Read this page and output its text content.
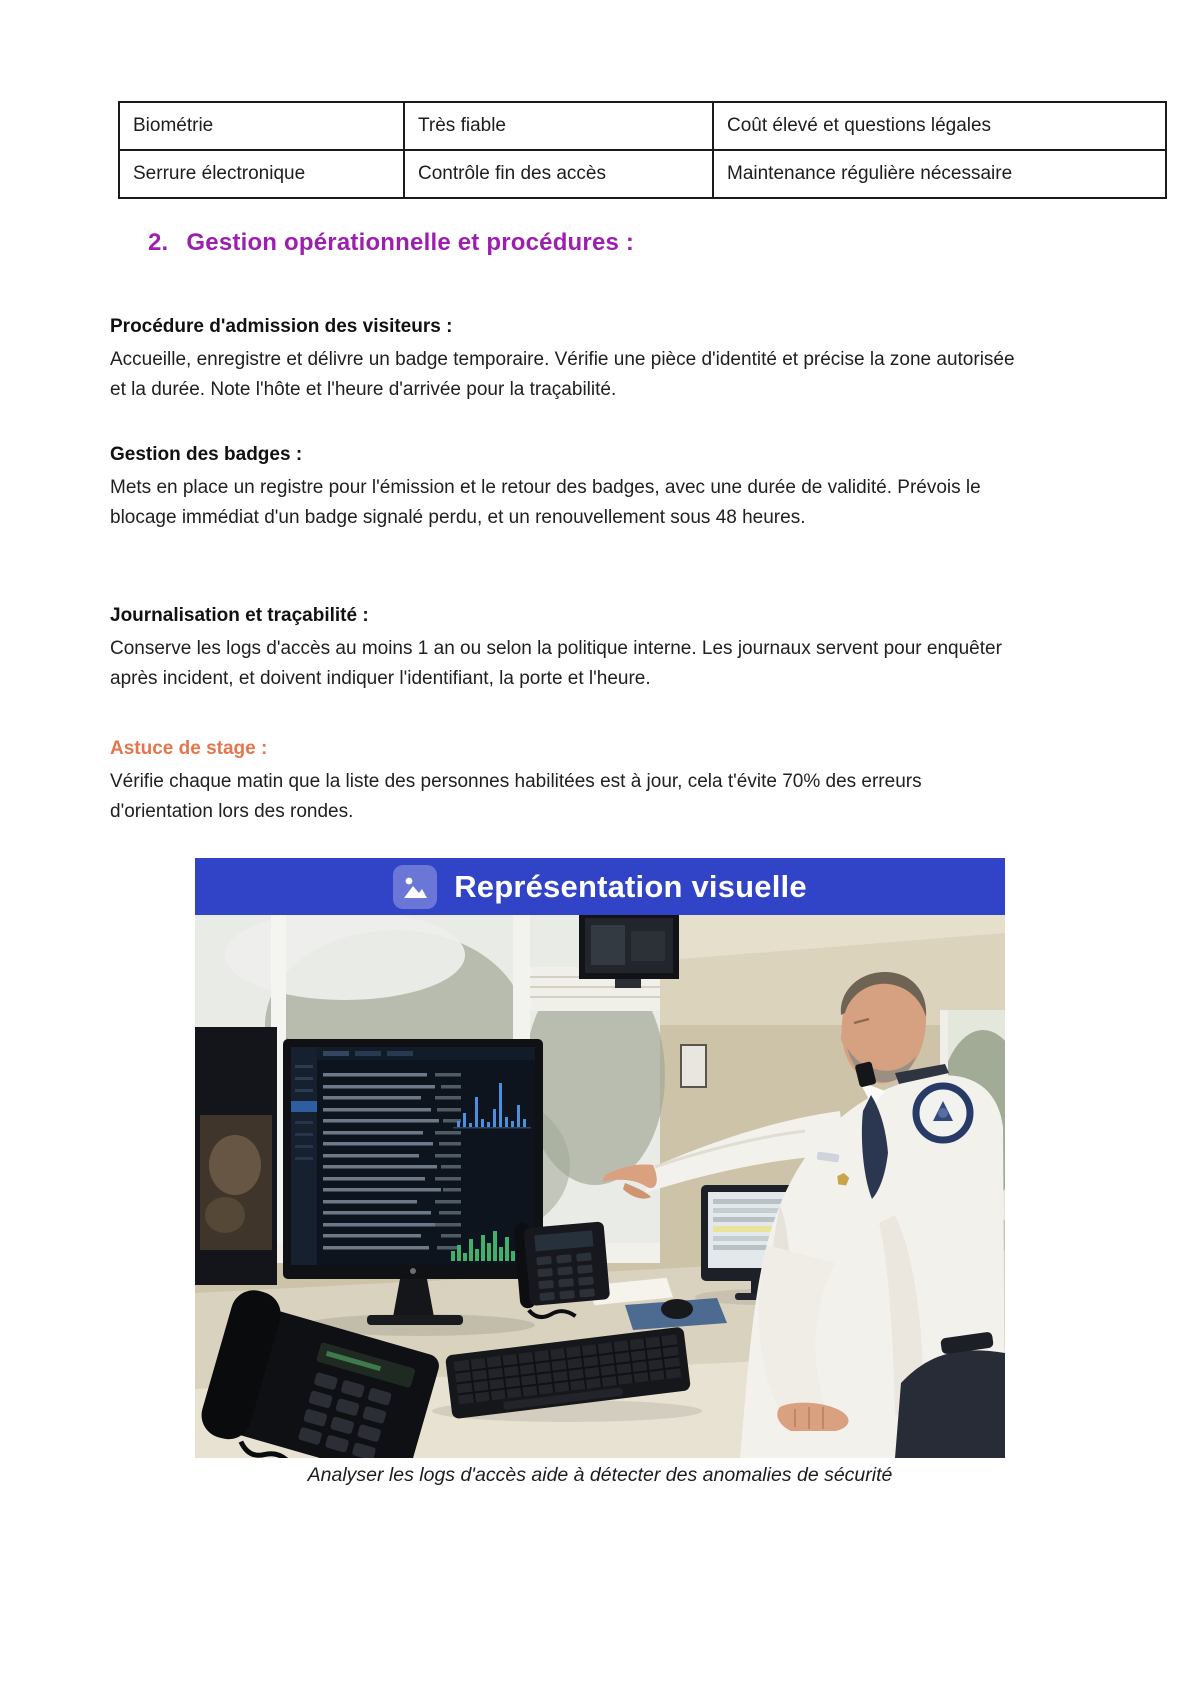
Biométrie	Très fiable	Coût élevé et questions légales
Serrure électronique	Contrôle fin des accès	Maintenance régulière nécessaire
2. Gestion opérationnelle et procédures :

Procédure d'admission des visiteurs :

Accueille, enregistre et délivre un badge temporaire. Vérifie une pièce d'identité et précise la zone autorisée et la durée. Note l'hôte et l'heure d'arrivée pour la traçabilité.

Gestion des badges :

Mets en place un registre pour l'émission et le retour des badges, avec une durée de validité. Prévois le blocage immédiat d'un badge signalé perdu, et un renouvellement sous 48 heures.

Journalisation et traçabilité :

Conserve les logs d'accès au moins 1 an ou selon la politique interne. Les journaux servent pour enquêter après incident, et doivent indiquer l'identifiant, la porte et l'heure.

Astuce de stage :

Vérifie chaque matin que la liste des personnes habilitées est à jour, cela t'évite 70% des erreurs d'orientation lors des rondes.

Représentation visuelle
Analyser les logs d'accès aide à détecter des anomalies de sécurité
